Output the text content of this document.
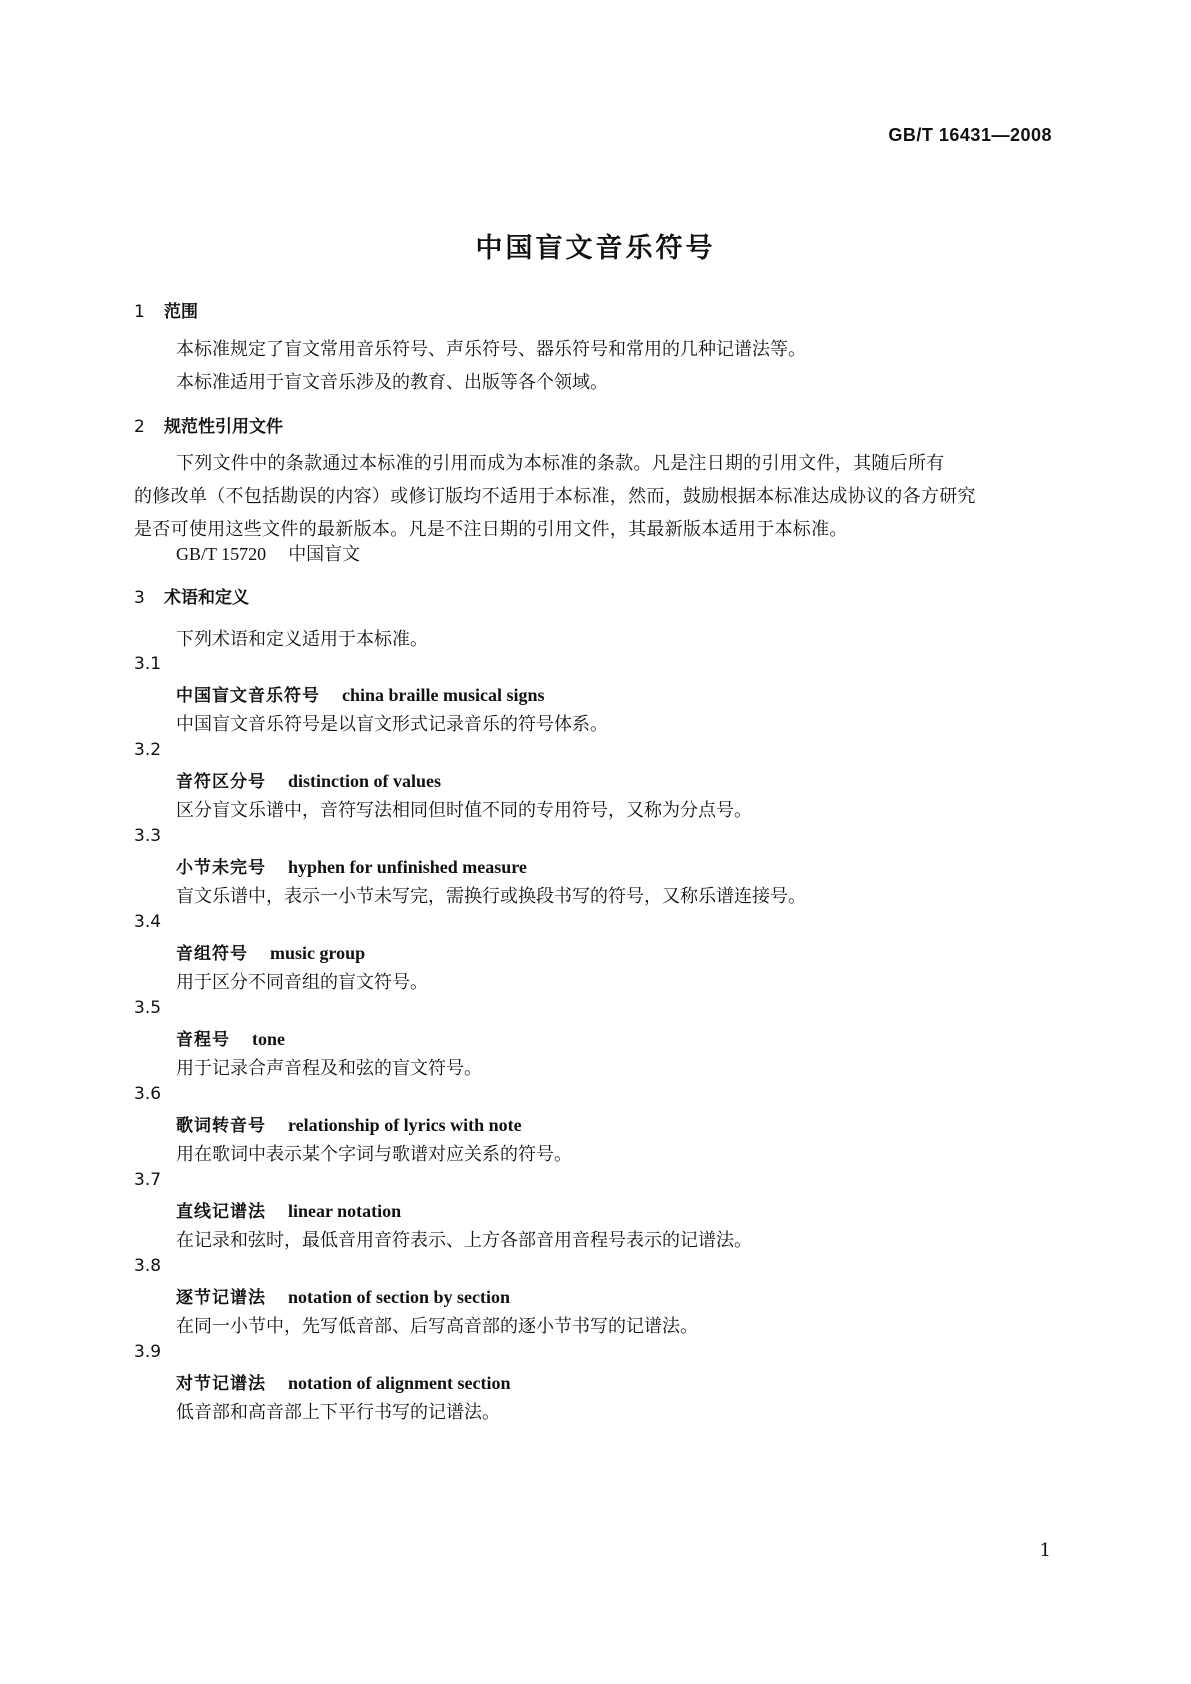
GB/T 16431—2008
中国盲文音乐符号
1 范围
本标准规定了盲文常用音乐符号、声乐符号、器乐符号和常用的几种记谱法等。
本标准适用于盲文音乐涉及的教育、出版等各个领域。
2 规范性引用文件
下列文件中的条款通过本标准的引用而成为本标准的条款。凡是注日期的引用文件，其随后所有
的修改单（不包括勘误的内容）或修订版均不适用于本标准，然而，鼓励根据本标准达成协议的各方研究
是否可使用这些文件的最新版本。凡是不注日期的引用文件，其最新版本适用于本标准。
GB/T 15720 中国盲文
3 术语和定义
下列术语和定义适用于本标准。
3.1
中国盲文音乐符号 china braille musical signs
中国盲文音乐符号是以盲文形式记录音乐的符号体系。
3.2
音符区分号 distinction of values
区分盲文乐谱中，音符写法相同但时值不同的专用符号，又称为分点号。
3.3
小节未完号 hyphen for unfinished measure
盲文乐谱中，表示一小节未写完，需换行或换段书写的符号，又称乐谱连接号。
3.4
音组符号 music group
用于区分不同音组的盲文符号。
3.5
音程号 tone
用于记录合声音程及和弦的盲文符号。
3.6
歌词转音号 relationship of lyrics with note
用在歌词中表示某个字词与歌谱对应关系的符号。
3.7
直线记谱法 linear notation
在记录和弦时，最低音用音符表示、上方各部音用音程号表示的记谱法。
3.8
逐节记谱法 notation of section by section
在同一小节中，先写低音部、后写高音部的逐小节书写的记谱法。
3.9
对节记谱法 notation of alignment section
低音部和高音部上下平行书写的记谱法。
1
